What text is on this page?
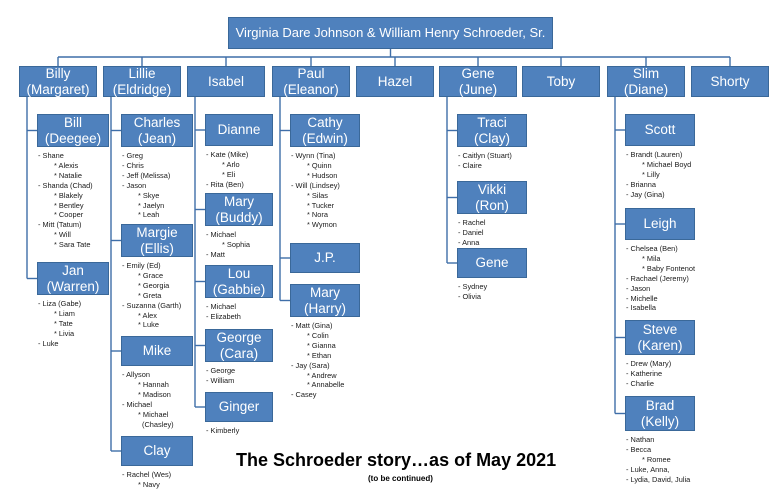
Virginia Dare Johnson & William Henry Schroeder, Sr.
Billy
(Margaret)
Lillie
(Eldridge)
Isabel
Paul
(Eleanor)
Hazel
Gene
(June)
Toby
Slim
(Diane)
Shorty
Bill
(Deegee)
- Shane
* Alexis
* Natalie
- Shanda (Chad)
* Blakely
* Bentley
* Cooper
- Mitt (Tatum)
* Will
* Sara Tate
Jan
(Warren)
- Liza (Gabe)
* Liam
* Tate
* Livia
- Luke
Charles
(Jean)
- Greg
- Chris
- Jeff (Melissa)
- Jason
* Skye
* Jaelyn
* Leah
Margie
(Ellis)
- Emily (Ed)
* Grace
* Georgia
* Greta
- Suzanna (Garth)
* Alex
* Luke
Mike
- Allyson
* Hannah
* Madison
- Michael
* Michael
(Chasley)
Clay
- Rachel (Wes)
* Navy
Dianne
- Kate (Mike)
* Arlo
* Eli
- Rita (Ben)
Mary
(Buddy)
- Michael
* Sophia
- Matt
Lou
(Gabbie)
- Michael
- Elizabeth
George
(Cara)
- George
- William
Ginger
- Kimberly
Cathy
(Edwin)
- Wynn (Tina)
* Quinn
* Hudson
- Will (Lindsey)
* Silas
* Tucker
* Nora
* Wymon
J.P.
Mary
(Harry)
- Matt (Gina)
* Colin
* Gianna
* Ethan
- Jay (Sara)
* Andrew
* Annabelle
- Casey
Traci
(Clay)
- Caitlyn (Stuart)
- Claire
Vikki
(Ron)
- Rachel
- Daniel
- Anna
Gene
- Sydney
- Olivia
Scott
- Brandt (Lauren)
* Michael Boyd
* Lilly
- Brianna
- Jay (Gina)
Leigh
- Chelsea (Ben)
* Mila
* Baby Fontenot
- Rachael (Jeremy)
- Jason
- Michelle
- Isabella
Steve
(Karen)
- Drew (Mary)
- Katherine
- Charlie
Brad
(Kelly)
- Nathan
- Becca
* Romee
- Luke, Anna,
- Lydia, David, Julia
The Schroeder story…as of May 2021
(to be continued)
